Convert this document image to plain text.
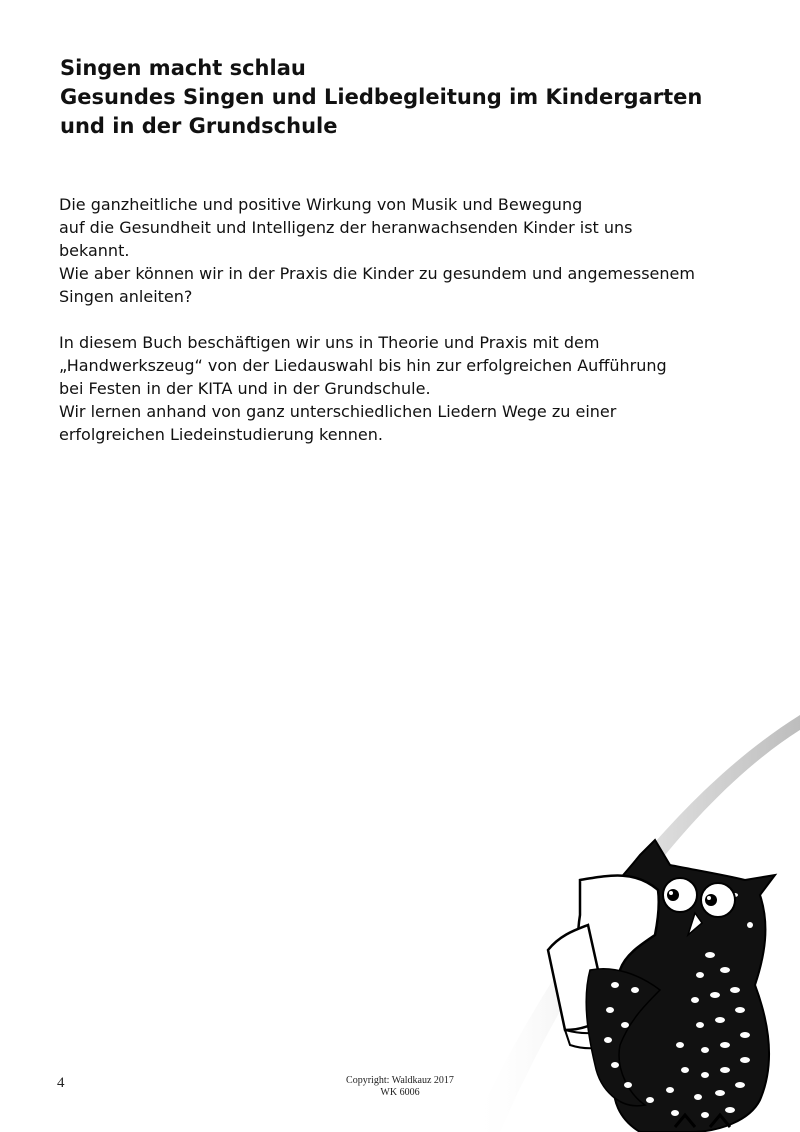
Singen macht schlau
Gesundes Singen und Liedbegleitung im Kindergarten
und in der Grundschule
Die ganzheitliche und positive Wirkung von Musik und Bewegung
auf die Gesundheit und Intelligenz der heranwachsenden Kinder ist uns
bekannt.
Wie aber können wir in der Praxis die Kinder zu gesundem und angemessenem
Singen anleiten?
In diesem Buch beschäftigen wir uns in Theorie und Praxis mit dem
„Handwerkszeug“ von der Liedauswahl bis hin zur erfolgreichen Aufführung
bei Festen in der KITA und in der Grundschule.
Wir lernen anhand von ganz unterschiedlichen Liedern Wege zu einer
erfolgreichen Liedeinstudierung kennen.
4	Copyright: Waldkauz 2017
WK 6006
